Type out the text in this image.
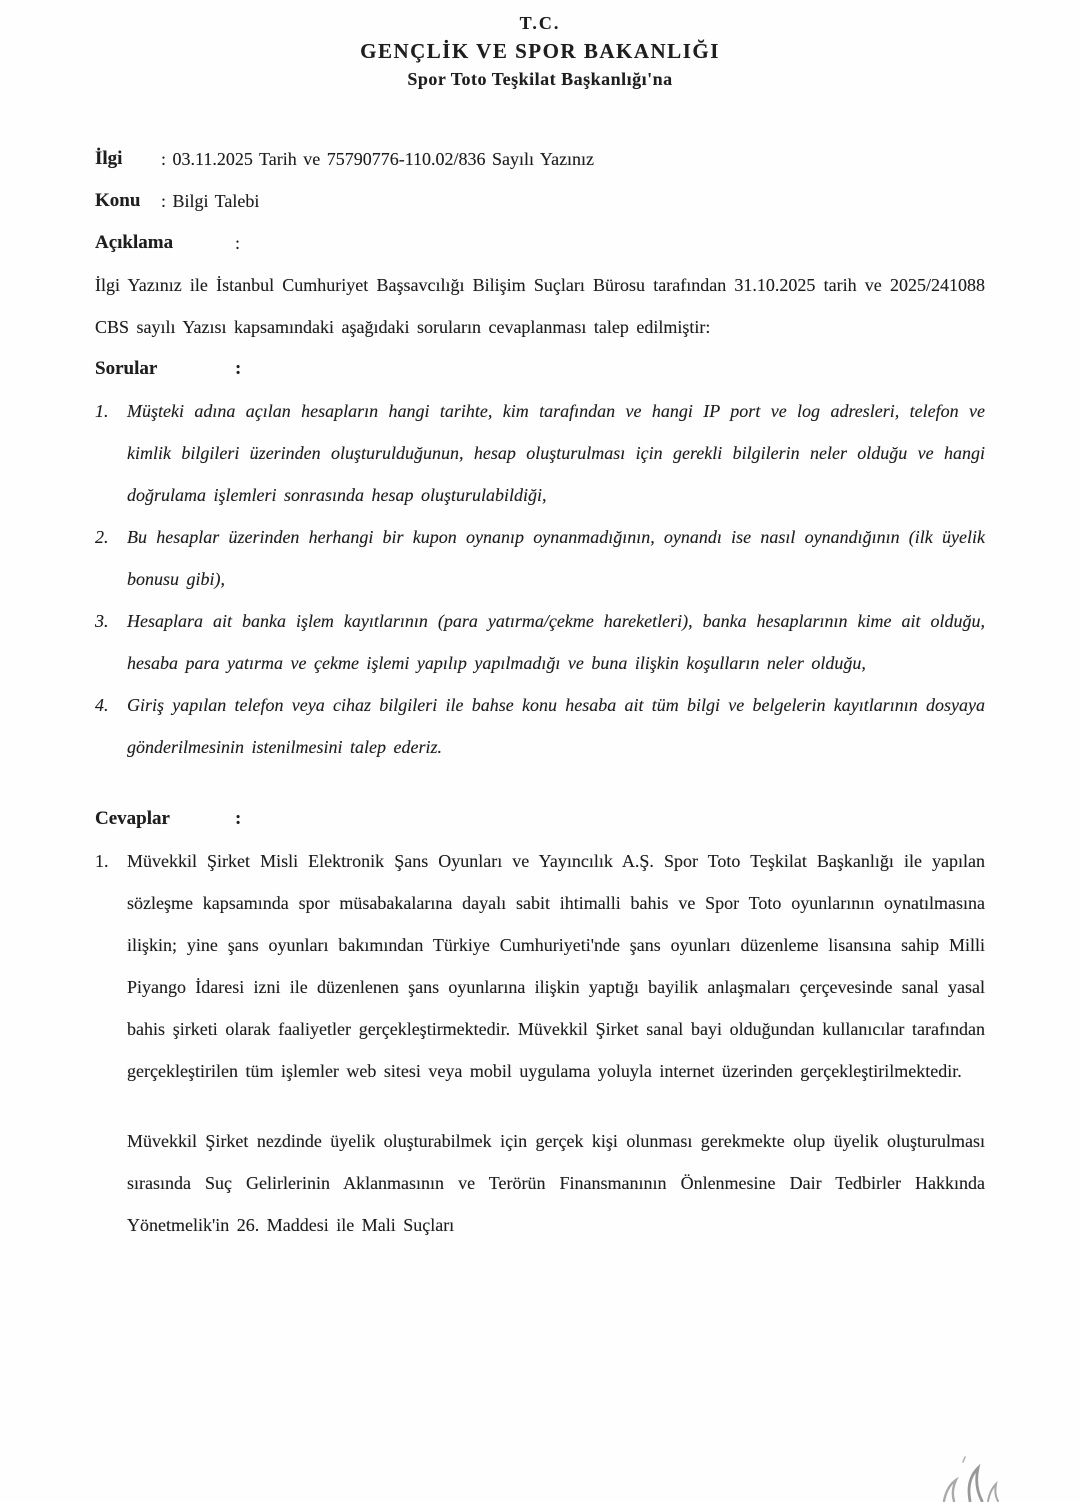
T.C.
GENÇLİK VE SPOR BAKANLIĞI
Spor Toto Teşkilat Başkanlığı'na
İlgi	: 03.11.2025 Tarih ve 75790776-110.02/836 Sayılı Yazınız
Konu	: Bilgi Talebi
Açıklama	:

İlgi Yazınız ile İstanbul Cumhuriyet Başsavcılığı Bilişim Suçları Bürosu tarafından 31.10.2025 tarih ve 2025/241088 CBS sayılı Yazısı kapsamındaki aşağıdaki soruların cevaplanması talep edilmiştir:

Sorular	:
1.	Müşteki adına açılan hesapların hangi tarihte, kim tarafından ve hangi IP port ve log adresleri, telefon ve kimlik bilgileri üzerinden oluşturulduğunun, hesap oluşturulması için gerekli bilgilerin neler olduğu ve hangi doğrulama işlemleri sonrasında hesap oluşturulabildiği,
2.	Bu hesaplar üzerinden herhangi bir kupon oynanıp oynanmadığının, oynandı ise nasıl oynandığının (ilk üyelik bonusu gibi),
3.	Hesaplara ait banka işlem kayıtlarının (para yatırma/çekme hareketleri), banka hesaplarının kime ait olduğu, hesaba para yatırma ve çekme işlemi yapılıp yapılmadığı ve buna ilişkin koşulların neler olduğu,
4.	Giriş yapılan telefon veya cihaz bilgileri ile bahse konu hesaba ait tüm bilgi ve belgelerin kayıtlarının dosyaya gönderilmesinin istenilmesini talep ederiz.
Cevaplar	:
1.	Müvekkil Şirket Misli Elektronik Şans Oyunları ve Yayıncılık A.Ş. Spor Toto Teşkilat Başkanlığı ile yapılan sözleşme kapsamında spor müsabakalarına dayalı sabit ihtimalli bahis ve Spor Toto oyunlarının oynatılmasına ilişkin; yine şans oyunları bakımından Türkiye Cumhuriyeti'nde şans oyunları düzenleme lisansına sahip Milli Piyango İdaresi izni ile düzenlenen şans oyunlarına ilişkin yaptığı bayilik anlaşmaları çerçevesinde sanal yasal bahis şirketi olarak faaliyetler gerçekleştirmektedir. Müvekkil Şirket sanal bayi olduğundan kullanıcılar tarafından gerçekleştirilen tüm işlemler web sitesi veya mobil uygulama yoluyla internet üzerinden gerçekleştirilmektedir.

Müvekkil Şirket nezdinde üyelik oluşturabilmek için gerçek kişi olunması gerekmekte olup üyelik oluşturulması sırasında Suç Gelirlerinin Aklanmasının ve Terörün Finansmanının Önlenmesine Dair Tedbirler Hakkında Yönetmelik'in 26. Maddesi ile Mali Suçları
